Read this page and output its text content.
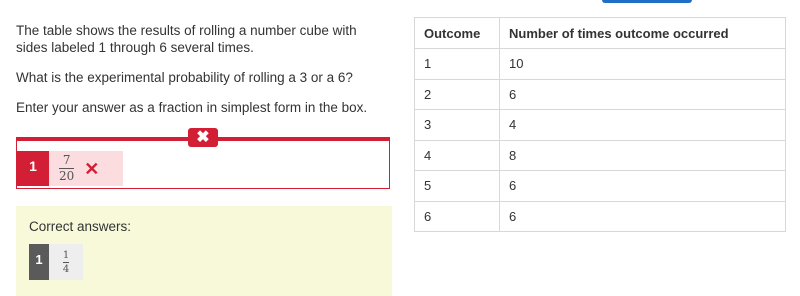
The table shows the results of rolling a number cube with sides labeled 1 through 6 several times.

What is the experimental probability of rolling a 3 or a 6?

Enter your answer as a fraction in simplest form in the box.

✖
1	$\frac{7}{20}$ ✕
Correct answers:
1	$\frac{1}{4}$
Outcome	Number of times outcome occurred
1	10
2	6
3	4
4	8
5	6
6	6
